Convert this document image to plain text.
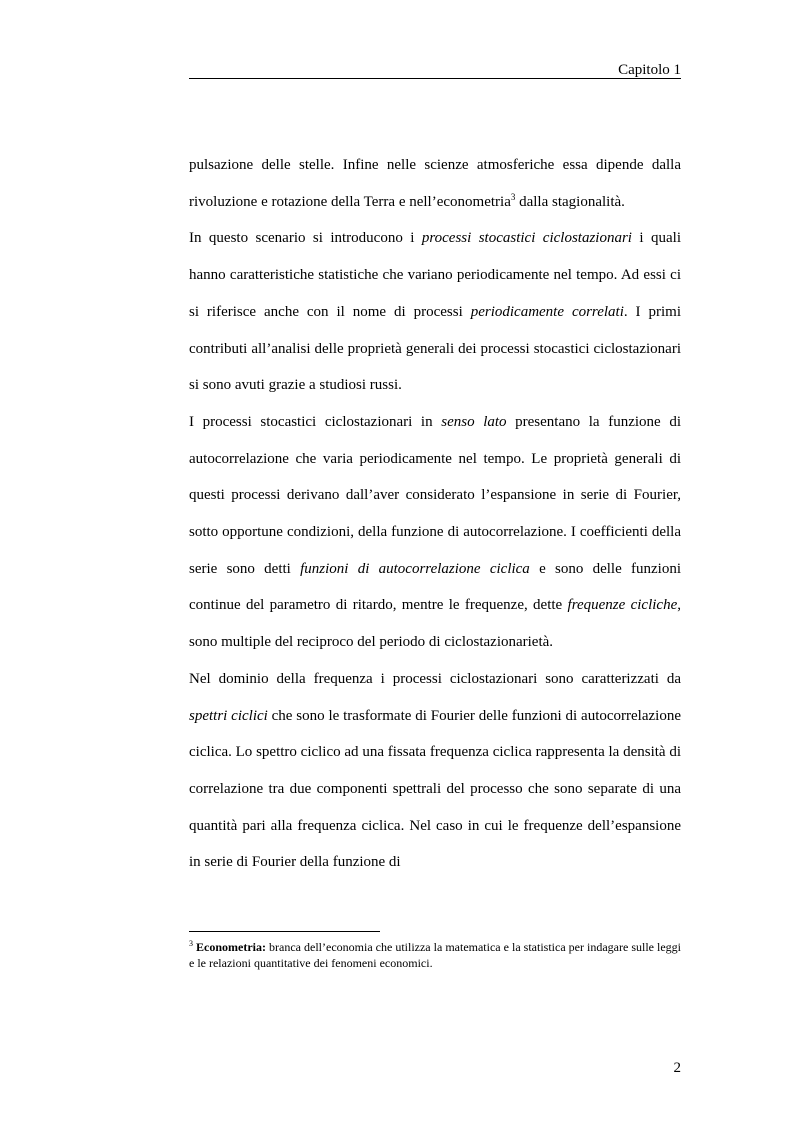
Capitolo 1

pulsazione delle stelle. Infine nelle scienze atmosferiche essa dipende dalla rivoluzione e rotazione della Terra e nell’econometria$^3$ dalla stagionalità.

In questo scenario si introducono i processi stocastici ciclostazionari i quali hanno caratteristiche statistiche che variano periodicamente nel tempo. Ad essi ci si riferisce anche con il nome di processi periodicamente correlati. I primi contributi all’analisi delle proprietà generali dei processi stocastici ciclostazionari si sono avuti grazie a studiosi russi.

I processi stocastici ciclostazionari in senso lato presentano la funzione di autocorrelazione che varia periodicamente nel tempo. Le proprietà generali di questi processi derivano dall’aver considerato l’espansione in serie di Fourier, sotto opportune condizioni, della funzione di autocorrelazione. I coefficienti della serie sono detti funzioni di autocorrelazione ciclica e sono delle funzioni continue del parametro di ritardo, mentre le frequenze, dette frequenze cicliche, sono multiple del reciproco del periodo di ciclostazionarietà.

Nel dominio della frequenza i processi ciclostazionari sono caratterizzati da spettri ciclici che sono le trasformate di Fourier delle funzioni di autocorrelazione ciclica. Lo spettro ciclico ad una fissata frequenza ciclica rappresenta la densità di correlazione tra due componenti spettrali del processo che sono separate di una quantità pari alla frequenza ciclica. Nel caso in cui le frequenze dell’espansione in serie di Fourier della funzione di

$^3$ Econometria: branca dell’economia che utilizza la matematica e la statistica per indagare sulle leggi e le relazioni quantitative dei fenomeni economici.
2
